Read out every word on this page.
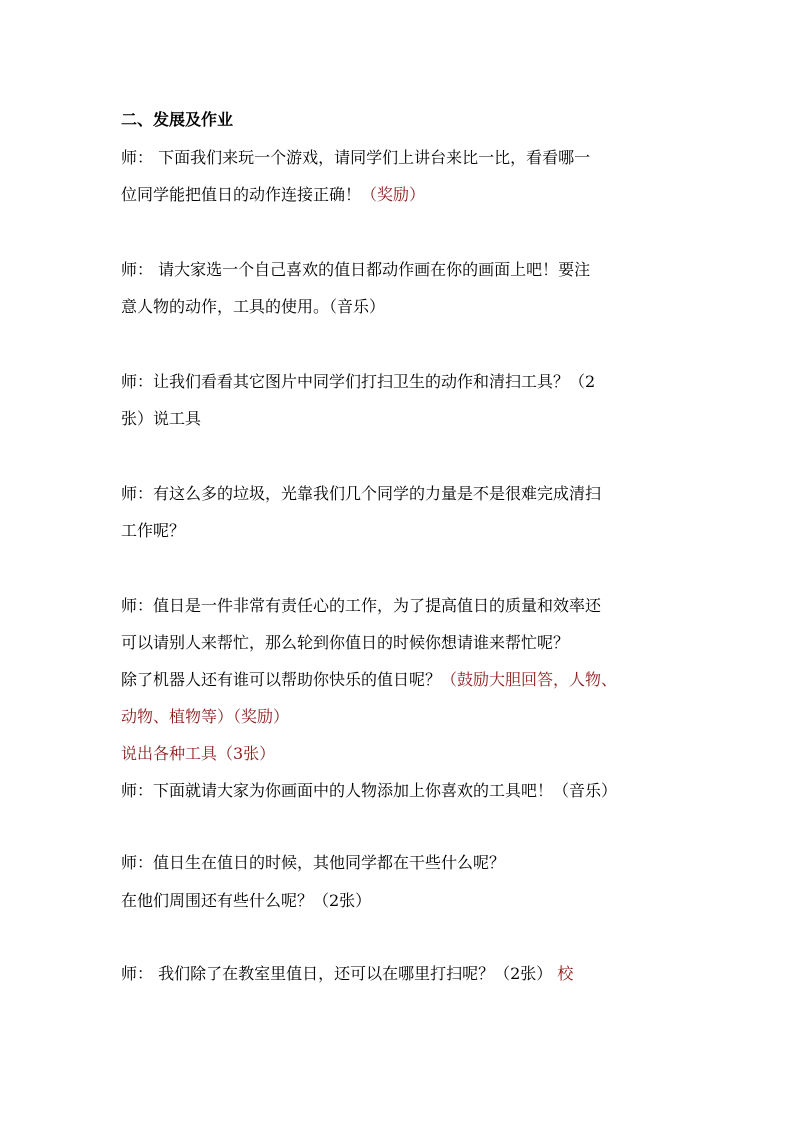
二、发展及作业
师： 下面我们来玩一个游戏，请同学们上讲台来比一比，看看哪一
位同学能把值日的动作连接正确！（奖励）
师： 请大家选一个自己喜欢的值日都动作画在你的画面上吧！要注
意人物的动作，工具的使用。（音乐）
师：让我们看看其它图片中同学们打扫卫生的动作和清扫工具？（2
张）说工具
师：有这么多的垃圾，光靠我们几个同学的力量是不是很难完成清扫
工作呢？
师：值日是一件非常有责任心的工作，为了提高值日的质量和效率还
可以请别人来帮忙，那么轮到你值日的时候你想请谁来帮忙呢？
除了机器人还有谁可以帮助你快乐的值日呢？（鼓励大胆回答，人物、
动物、植物等）（奖励）
说出各种工具（3张）
师：下面就请大家为你画面中的人物添加上你喜欢的工具吧！（音乐）
师：值日生在值日的时候，其他同学都在干些什么呢？
在他们周围还有些什么呢？（2张）
师： 我们除了在教室里值日，还可以在哪里打扫呢？（2张） 校
